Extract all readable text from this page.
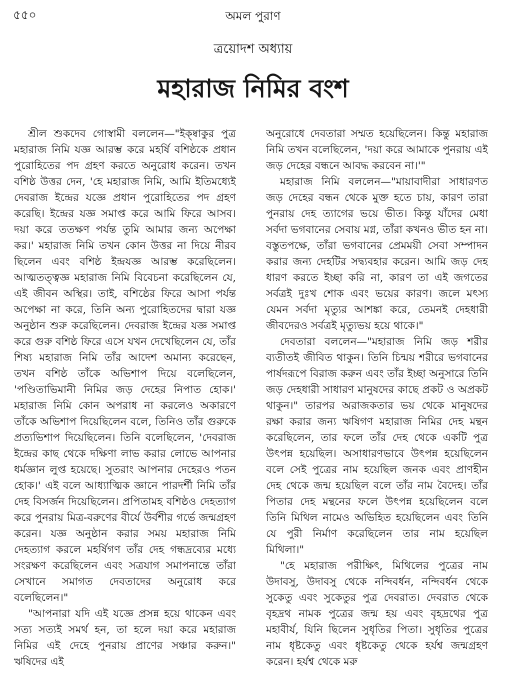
৫৫০	অমল পুরাণ
ত্রয়োদশ অধ্যায়
মহারাজ নিমির বংশ

শ্রীল শুকদেব গোস্বামী বললেন—"ইক্ষ্বাকুর পুত্র মহারাজ নিমি যজ্ঞ আরম্ভ করে মহর্ষি বশিষ্ঠকে প্রধান পুরোহিতের পদ গ্রহণ করতে অনুরোধ করেন। তখন বশিষ্ঠ উত্তর দেন, 'হে মহারাজ নিমি, আমি ইতিমধ্যেই দেবরাজ ইন্দ্রের যজ্ঞে প্রধান পুরোহিতের পদ গ্রহণ করেছি। ইন্দ্রের যজ্ঞ সমাপ্ত করে আমি ফিরে আসব। দয়া করে ততক্ষণ পর্যন্ত তুমি আমার জন্য অপেক্ষা কর।' মহারাজ নিমি তখন কোন উত্তর না দিয়ে নীরব ছিলেন এবং বশিষ্ঠ ইন্দ্রযজ্ঞ আরম্ভ করেছিলেন। আত্মতত্ত্বজ্ঞ মহারাজ নিমি বিবেচনা করেছিলেন যে, এই জীবন অস্থির। তাই, বশিষ্ঠের ফিরে আসা পর্যন্ত অপেক্ষা না করে, তিনি অন্য পুরোহিতদের দ্বারা যজ্ঞ অনুষ্ঠান শুরু করেছিলেন। দেবরাজ ইন্দ্রের যজ্ঞ সমাপ্ত করে গুরু বশিষ্ঠ ফিরে এসে যখন দেখেছিলেন যে, তাঁর শিষ্য মহারাজ নিমি তাঁর আদেশ অমান্য করেছেন, তখন বশিষ্ঠ তাঁকে অভিশাপ দিয়ে বলেছিলেন, 'পণ্ডিতাভিমানী নিমির জড় দেহের নিপাত হোক।' মহারাজ নিমি কোন অপরাধ না করলেও অকারণে তাঁকে অভিশাপ দিয়েছিলেন বলে, তিনিও তাঁর গুরুকে প্রত্যভিশাপ দিয়েছিলেন। তিনি বলেছিলেন, 'দেবরাজ ইন্দ্রের কাছ থেকে দক্ষিণা লাভ করার লোভে আপনার ধর্মজ্ঞান লুপ্ত হয়েছে। সুতরাং আপনার দেহেরও পতন হোক।' এই বলে আধ্যাত্মিক জ্ঞানে পারদর্শী নিমি তাঁর দেহ বিসর্জন দিয়েছিলেন। প্রপিতামহ বশিষ্ঠও দেহত্যাগ করে পুনরায় মিত্র-বরুণের বীর্যে উর্বশীর গর্ভে জন্মগ্রহণ করেন। যজ্ঞ অনুষ্ঠান করার সময় মহারাজ নিমি দেহত্যাগ করলে মহর্ষিগণ তাঁর দেহ গন্ধদ্রব্যের মধ্যে সংরক্ষণ করেছিলেন এবং সত্রযাগ সমাপনান্তে তাঁরা সেখানে সমাগত দেবতাদের অনুরোধ করে বলেছিলেন।"

"আপনারা যদি এই যজ্ঞে প্রসন্ন হয়ে থাকেন এবং সত্য সত্যই সমর্থ হন, তা হলে দয়া করে মহারাজ নিমির এই দেহে পুনরায় প্রাণের সঞ্চার করুন।" ঋষিদের এই

অনুরোধে দেবতারা সম্মত হয়েছিলেন। কিন্তু মহারাজ নিমি তখন বলেছিলেন, 'দয়া করে আমাকে পুনরায় এই জড় দেহের বন্ধনে আবদ্ধ করবেন না।'"

মহারাজ নিমি বললেন—"মায়াবাদীরা সাধারণত জড় দেহের বন্ধন থেকে মুক্ত হতে চায়, কারণ তারা পুনরায় দেহ ত্যাগের ভয়ে ভীত। কিন্তু যাঁদের মেধা সর্বদা ভগবানের সেবায় মগ্ন, তাঁরা কখনও ভীত হন না। বস্তুতপক্ষে, তাঁরা ভগবানের প্রেমময়ী সেবা সম্পাদন করার জন্য দেহটির সদ্ব্যবহার করেন। আমি জড় দেহ ধারণ করতে ইচ্ছা করি না, কারণ তা এই জগতের সর্বত্রই দুঃখ শোক এবং ভয়ের কারণ। জলে মৎস্য যেমন সর্বদা মৃত্যুর আশঙ্কা করে, তেমনই দেহধারী জীবদেরও সর্বত্রই মৃত্যুভয় হয়ে থাকে।"

দেবতারা বললেন—"মহারাজ নিমি জড় শরীর ব্যতীতই জীবিত থাকুন। তিনি চিন্ময় শরীরে ভগবানের পার্ষদরূপে বিরাজ করুন এবং তাঁর ইচ্ছা অনুসারে তিনি জড় দেহধারী সাধারণ মানুষদের কাছে প্রকট ও অপ্রকট থাকুন।" তারপর অরাজকতার ভয় থেকে মানুষদের রক্ষা করার জন্য ঋষিগণ মহারাজ নিমির দেহ মন্থন করেছিলেন, তার ফলে তাঁর দেহ থেকে একটি পুত্র উৎপন্ন হয়েছিল। অসাধারণভাবে উৎপন্ন হয়েছিলেন বলে সেই পুত্রের নাম হয়েছিল জনক এবং প্রাণহীন দেহ থেকে জন্ম হয়েছিল বলে তাঁর নাম বৈদেহ। তাঁর পিতার দেহ মন্থনের ফলে উৎপন্ন হয়েছিলেন বলে তিনি মিথিল নামেও অভিহিত হয়েছিলেন এবং তিনি যে পুরী নির্মাণ করেছিলেন তার নাম হয়েছিল মিথিলা।"

"হে মহারাজ পরীক্ষিৎ, মিথিলের পুত্রের নাম উদাবসু, উদাবসু থেকে নন্দিবর্ধন, নন্দিবর্ধন থেকে সুকেতু এবং সুকেতুর পুত্র দেবরাত। দেবরাত থেকে বৃহদ্রথ নামক পুত্রের জন্ম হয় এবং বৃহদ্রথের পুত্র মহাবীর্য, যিনি ছিলেন সুধৃতির পিতা। সুধৃতির পুত্রের নাম ধৃষ্টকেতু এবং ধৃষ্টকেতু থেকে হর্যশ্ব জন্মগ্রহণ করেন। হর্যশ্ব থেকে মরু
